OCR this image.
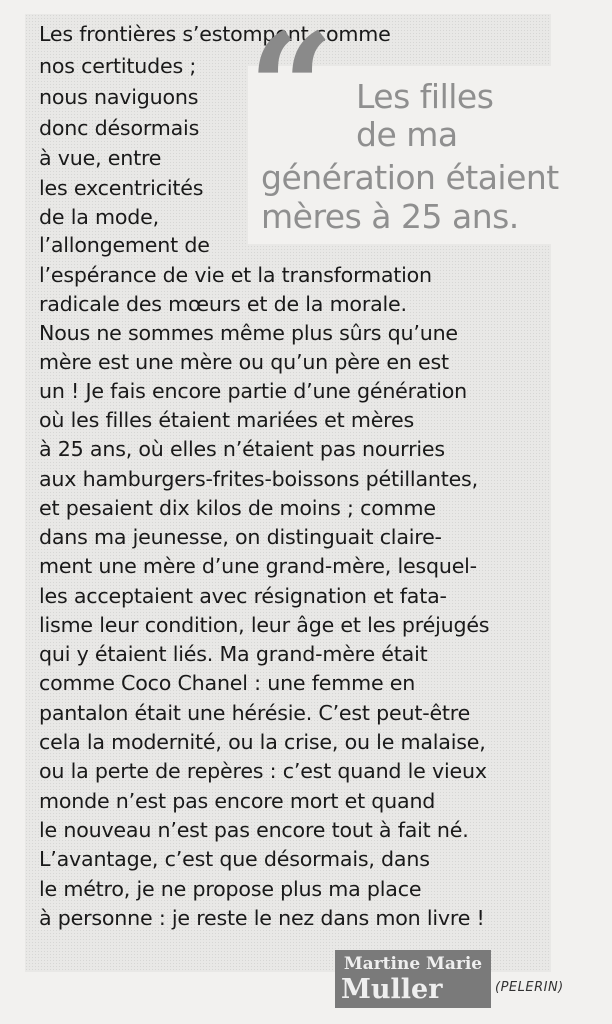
Les frontières s’estompent comme

nos certitudes ;

nous naviguons

donc désormais

à vue, entre

les excentricités

de la mode,

l’allongement de

l’espérance de vie et la transformation

radicale des mœurs et de la morale.

Nous ne sommes même plus sûrs qu’une

mère est une mère ou qu’un père en est

un ! Je fais encore partie d’une génération

où les filles étaient mariées et mères

à 25 ans, où elles n’étaient pas nourries

aux hamburgers-frites-boissons pétillantes,

et pesaient dix kilos de moins ; comme

dans ma jeunesse, on distinguait claire-

ment une mère d’une grand-mère, lesquel-

les acceptaient avec résignation et fata-

lisme leur condition, leur âge et les préjugés

qui y étaient liés. Ma grand-mère était

comme Coco Chanel : une femme en

pantalon était une hérésie. C’est peut-être

cela la modernité, ou la crise, ou le malaise,

ou la perte de repères : c’est quand le vieux

monde n’est pas encore mort et quand

le nouveau n’est pas encore tout à fait né.

L’avantage, c’est que désormais, dans

le métro, je ne propose plus ma place

à personne : je reste le nez dans mon livre !

“ Les filles

de ma

génération étaient

mères à 25 ans.

Martine Marie
Muller	(PELERIN)
